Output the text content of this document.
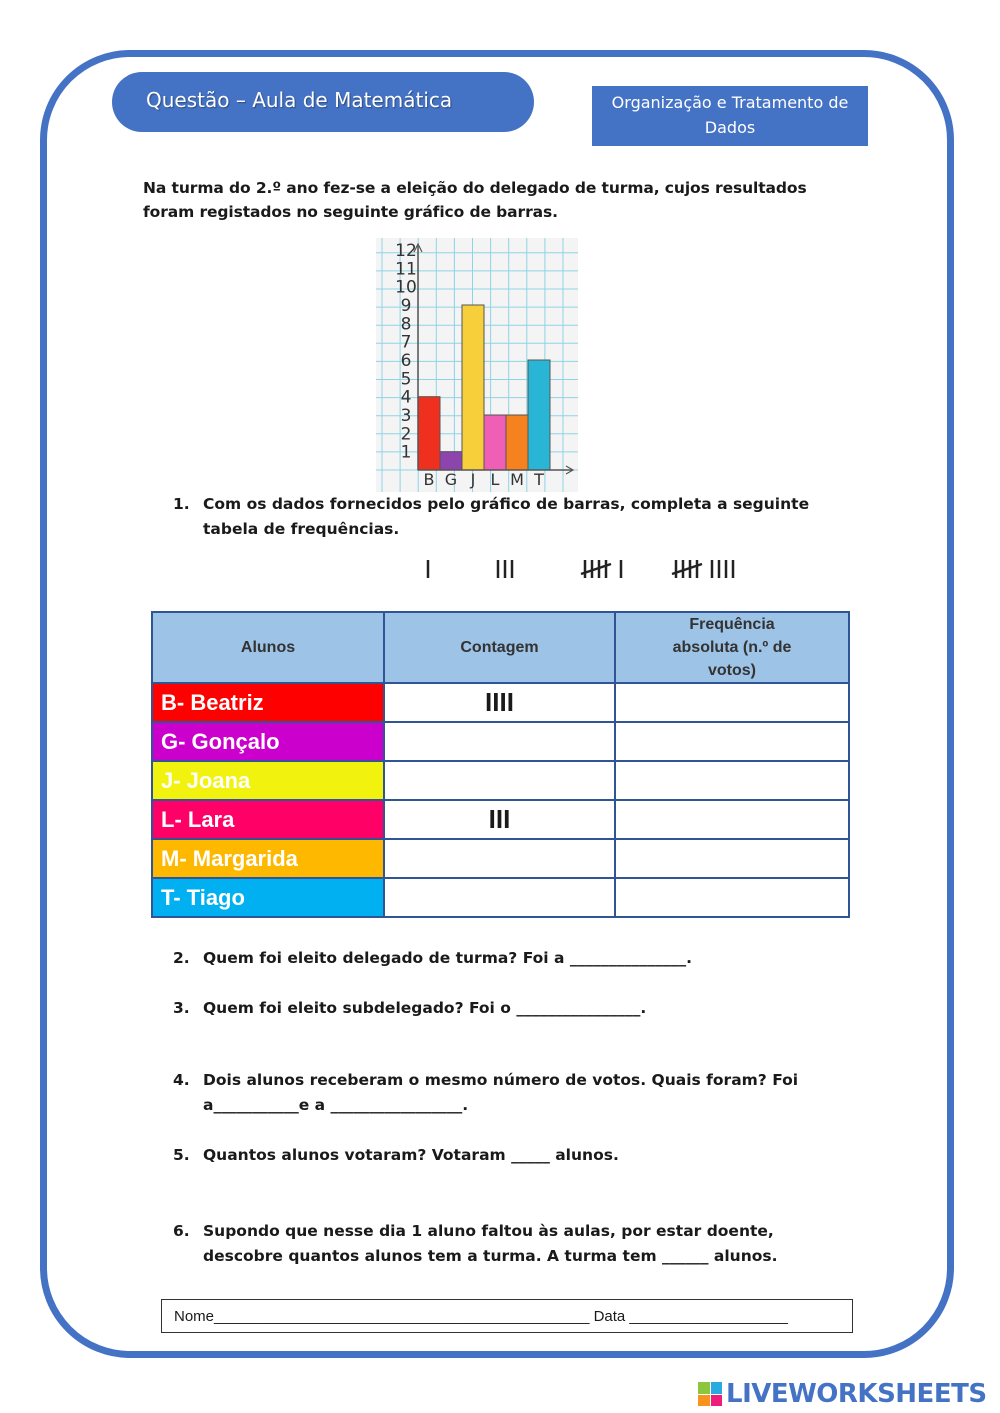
Questão – Aula de Matemática	Organização e Tratamento de Dados
Na turma do 2.º ano fez-se a eleição do delegado de turma, cujos resultados foram registados no seguinte gráfico de barras.
1
2
3
4
5
6
7
8
9
10
11
12
B G J L M T
1. Com os dados fornecidos pelo gráfico de barras, completa a seguinte tabela de frequências.
Alunos	Contagem	Frequência absoluta (n.º de votos)
B- Beatriz	IIII	
G- Gonçalo		
J- Joana		
L- Lara	III	
M- Margarida		
T- Tiago		
2. Quem foi eleito delegado de turma? Foi a _______________.
3. Quem foi eleito subdelegado? Foi o ________________.
4. Dois alunos receberam o mesmo número de votos. Quais foram? Foi a___________e a _________________.
5. Quantos alunos votaram? Votaram _____ alunos.
6. Supondo que nesse dia 1 aluno faltou às aulas, por estar doente, descobre quantos alunos tem a turma. A turma tem ______ alunos.
Nome_____________________________________________ Data ___________________
LIVEWORKSHEETS
